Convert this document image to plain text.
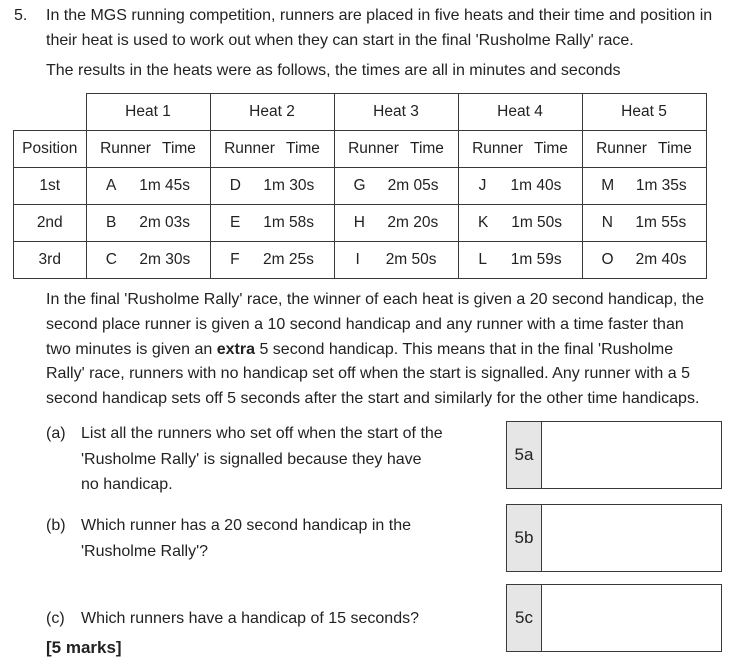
5. In the MGS running competition, runners are placed in five heats and their time and position in
their heat is used to work out when they can start in the final 'Rusholme Rally' race.
The results in the heats were as follows, the times are all in minutes and seconds
	Heat 1	Heat 2	Heat 3	Heat 4	Heat 5
Position	Runner Time	Runner Time	Runner Time	Runner Time	Runner Time

1st	A 1m 45s	D 1m 30s	G 2m 05s	J 1m 40s	M 1m 35s

2nd	B 2m 03s	E 1m 58s	H 2m 20s	K 1m 50s	N 1m 55s

3rd	C 2m 30s	F 2m 25s	I 2m 50s	L 1m 59s	O 2m 40s
In the final 'Rusholme Rally' race, the winner of each heat is given a 20 second handicap, the
second place runner is given a 10 second handicap and any runner with a time faster than
two minutes is given an extra 5 second handicap. This means that in the final 'Rusholme
Rally' race, runners with no handicap set off when the start is signalled. Any runner with a 5
second handicap sets off 5 seconds after the start and similarly for the other time handicaps.
(a) List all the runners who set off when the start of the
'Rusholme Rally' is signalled because they have
no handicap.
5a
(b) Which runner has a 20 second handicap in the
'Rusholme Rally'?
5b
(c) Which runners have a handicap of 15 seconds?	5c
[5 marks]
